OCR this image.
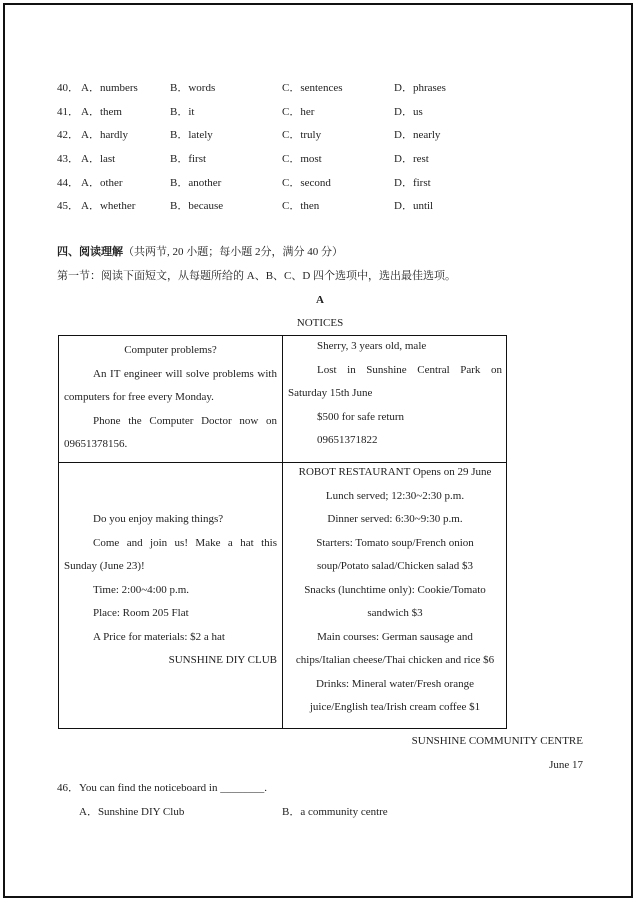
40． A．numbers	B．words	C．sentences	D．phrases
41． A．them	B．it	C．her	D．us
42． A．hardly	B．lately	C．truly	D．nearly
43． A．last	B．first	C．most	D．rest
44． A．other	B．another	C．second	D．first
45． A．whether	B．because	C．then	D．until
四、阅读理解（共两节, 20 小题；每小题 2分，满分 40 分）
第一节：阅读下面短文，从每题所给的 A、B、C、D 四个选项中，选出最佳选项。
A
NOTICES

Computer problems?

An IT engineer will solve problems with computers for free every Monday.

Phone the Computer Doctor now on 09651378156.

Sherry, 3 years old, male

Lost in Sunshine Central Park on Saturday 15th June

$500 for safe return

09651371822

Do you enjoy making things?

Come and join us! Make a hat this Sunday (June 23)!

Time: 2:00~4:00 p.m.

Place: Room 205 Flat

A Price for materials: $2 a hat

SUNSHINE DIY CLUB

ROBOT RESTAURANT Opens on 29 June

Lunch served; 12:30~2:30 p.m.

Dinner served: 6:30~9:30 p.m.

Starters: Tomato soup/French onion

soup/Potato salad/Chicken salad $3

Snacks (lunchtime only): Cookie/Tomato

sandwich $3

Main courses: German sausage and

chips/Italian cheese/Thai chicken and rice $6

Drinks: Mineral water/Fresh orange

juice/English tea/Irish cream coffee $1

SUNSHINE COMMUNITY CENTRE
June 17
46．You can find the noticeboard in ________.
A．Sunshine DIY Club	B．a community centre
